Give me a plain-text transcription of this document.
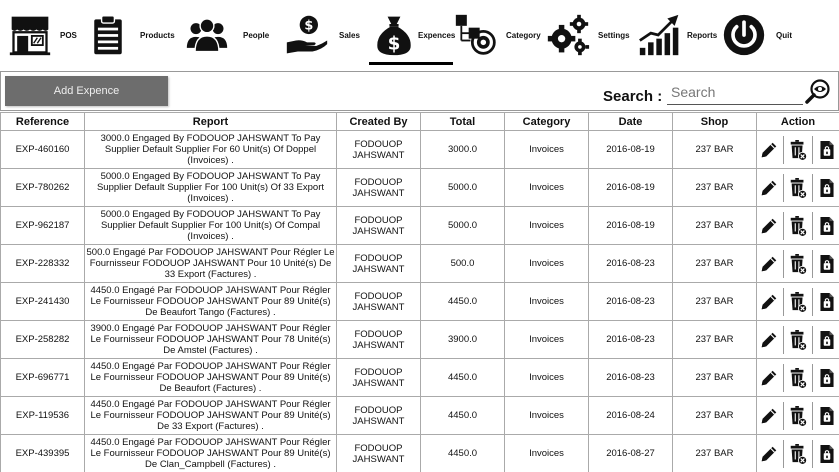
POS	Products	People
$
Sales $ Expences	Category	Settings	Reports	Quit
Add Expence	Search :
Search
Reference	Report	Created By	Total	Category	Date	Shop	Action
EXP-460160	3000.0 Engaged By FODOUOP JAHSWANT To Pay Supplier Default Supplier For 60 Unit(s) Of Doppel (Invoices) .	FODOUOP JAHSWANT	3000.0	Invoices	2016-08-19	237 BAR	

EXP-780262	5000.0 Engaged By FODOUOP JAHSWANT To Pay Supplier Default Supplier For 100 Unit(s) Of 33 Export (Invoices) .	FODOUOP JAHSWANT	5000.0	Invoices	2016-08-19	237 BAR	

EXP-962187	5000.0 Engaged By FODOUOP JAHSWANT To Pay Supplier Default Supplier For 100 Unit(s) Of Compal (Invoices) .	FODOUOP JAHSWANT	5000.0	Invoices	2016-08-19	237 BAR	

EXP-228332	500.0 Engagé Par FODOUOP JAHSWANT Pour Régler Le Fournisseur FODOUOP JAHSWANT Pour 10 Unité(s) De 33 Export (Factures) .	FODOUOP JAHSWANT	500.0	Invoices	2016-08-23	237 BAR	

EXP-241430	4450.0 Engagé Par FODOUOP JAHSWANT Pour Régler Le Fournisseur FODOUOP JAHSWANT Pour 89 Unité(s) De Beaufort Tango (Factures) .	FODOUOP JAHSWANT	4450.0	Invoices	2016-08-23	237 BAR	

EXP-258282	3900.0 Engagé Par FODOUOP JAHSWANT Pour Régler Le Fournisseur FODOUOP JAHSWANT Pour 78 Unité(s) De Amstel (Factures) .	FODOUOP JAHSWANT	3900.0	Invoices	2016-08-23	237 BAR	

EXP-696771	4450.0 Engagé Par FODOUOP JAHSWANT Pour Régler Le Fournisseur FODOUOP JAHSWANT Pour 89 Unité(s) De Beaufort (Factures) .	FODOUOP JAHSWANT	4450.0	Invoices	2016-08-23	237 BAR	

EXP-119536	4450.0 Engagé Par FODOUOP JAHSWANT Pour Régler Le Fournisseur FODOUOP JAHSWANT Pour 89 Unité(s) De 33 Export (Factures) .	FODOUOP JAHSWANT	4450.0	Invoices	2016-08-24	237 BAR	

EXP-439395	4450.0 Engagé Par FODOUOP JAHSWANT Pour Régler Le Fournisseur FODOUOP JAHSWANT Pour 89 Unité(s) De Clan_Campbell (Factures) .	FODOUOP JAHSWANT	4450.0	Invoices	2016-08-27	237 BAR	
